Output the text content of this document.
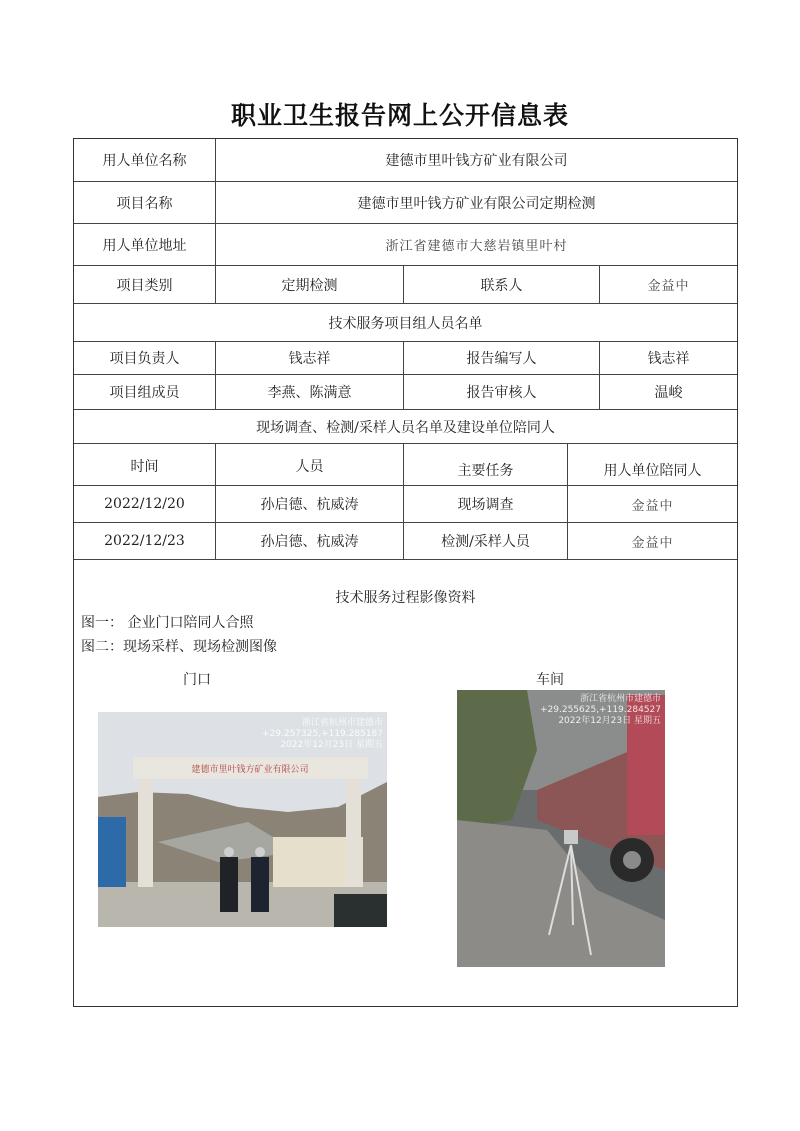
职业卫生报告网上公开信息表
用人单位名称	建德市里叶钱方矿业有限公司
项目名称	建德市里叶钱方矿业有限公司定期检测
用人单位地址	浙江省建德市大慈岩镇里叶村
项目类别	定期检测	联系人	金益中
技术服务项目组人员名单
项目负责人	钱志祥	报告编写人	钱志祥
项目组成员	李燕、陈满意	报告审核人	温峻
现场调查、检测/采样人员名单及建设单位陪同人
时间	人员	主要任务	用人单位陪同人
2022/12/20	孙启德、杭威涛	现场调查	金益中
2022/12/23	孙启德、杭威涛	检测/采样人员	金益中
技术服务过程影像资料
图一： 企业门口陪同人合照
图二：现场采样、现场检测图像
门口	车间
建德市里叶钱方矿业有限公司
浙江省杭州市建德市
+29.257325,+119.285187
2022年12月23日 星期五
浙江省杭州市建德市
+29.255625,+119.284527
2022年12月23日 星期五
